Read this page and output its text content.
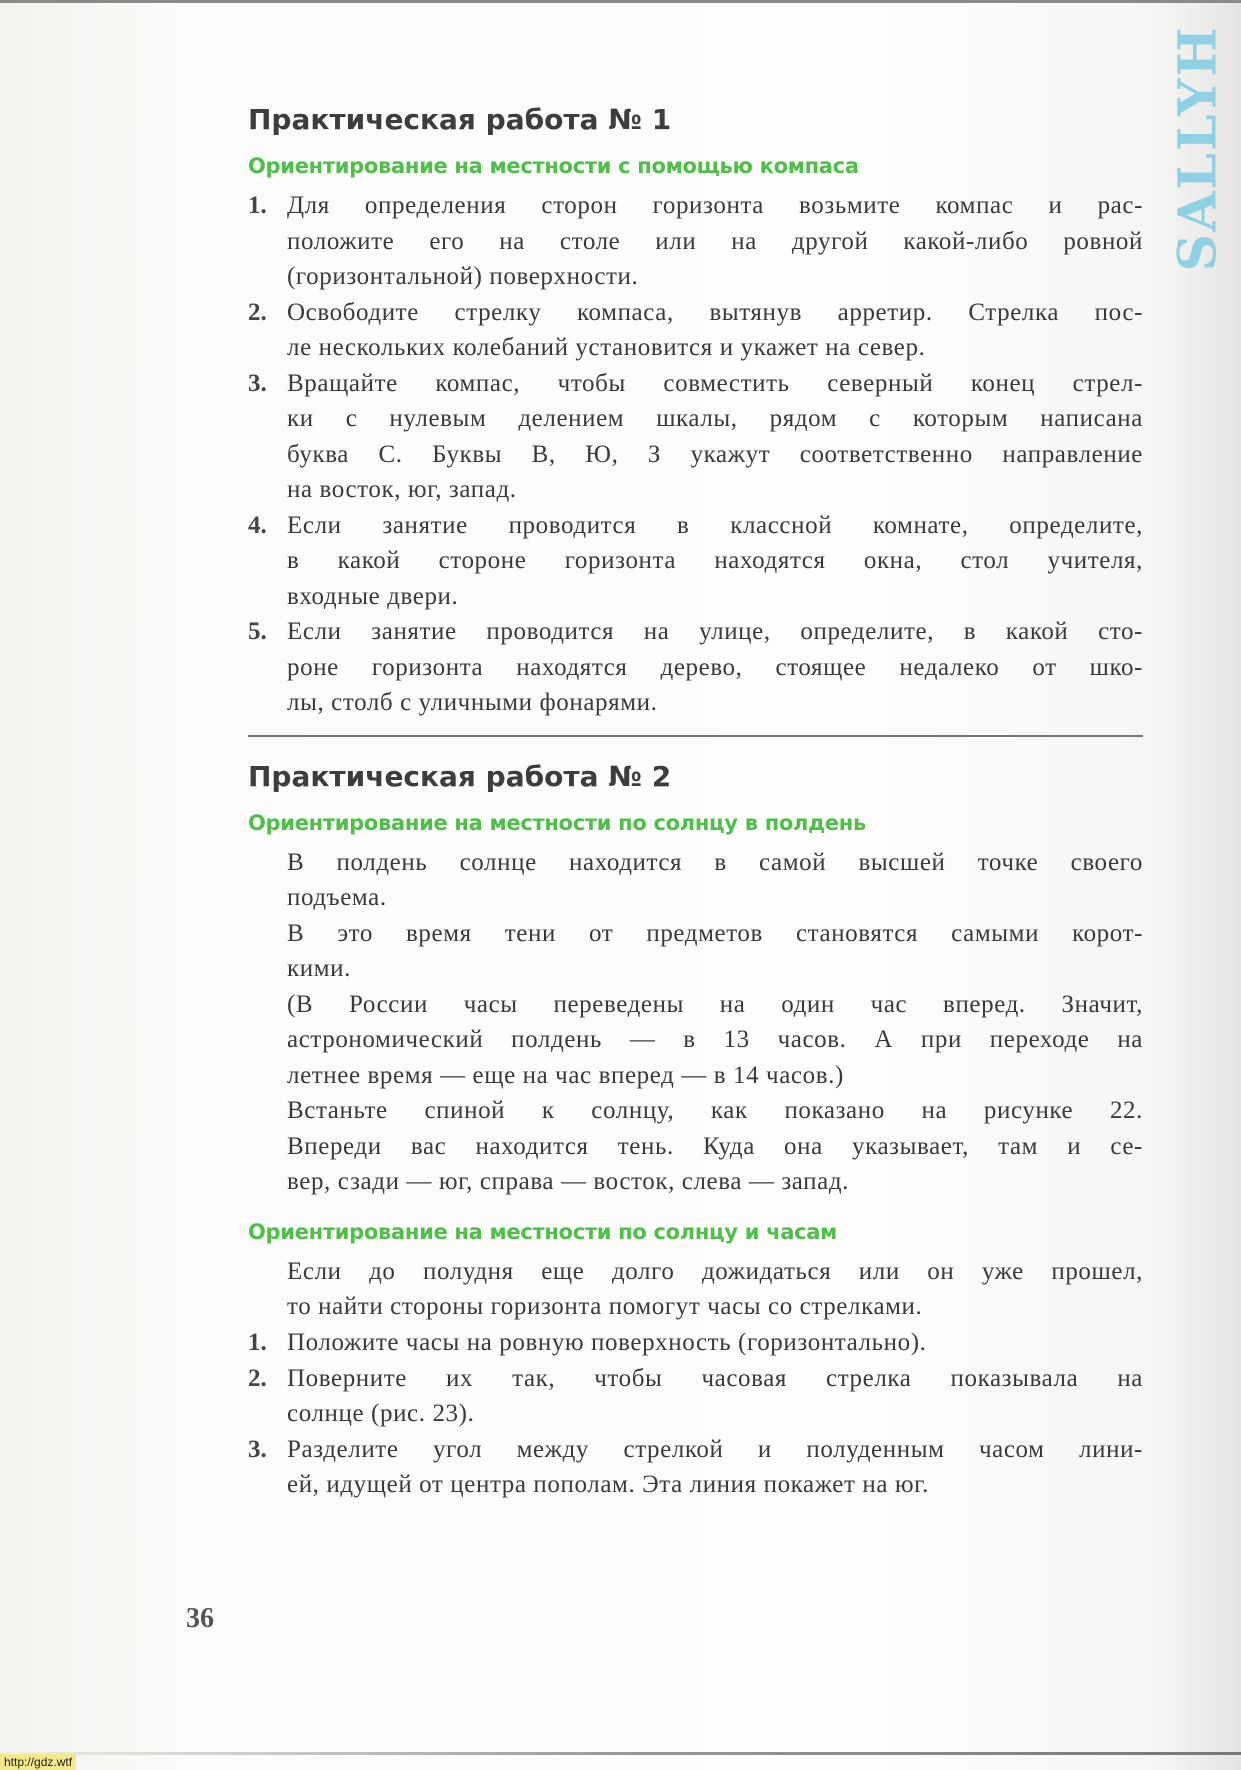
SALLYH
Практическая работа № 1
Ориентирование на местности с помощью компаса
1. Для определения сторон горизонта возьмите компас и рас-
положите его на столе или на другой какой-либо ровной
(горизонтальной) поверхности.
2. Освободите стрелку компаса, вытянув арретир. Стрелка пос-
ле нескольких колебаний установится и укажет на север.
3. Вращайте компас, чтобы совместить северный конец стрел-
ки с нулевым делением шкалы, рядом с которым написана
буква С. Буквы В, Ю, З укажут соответственно направление
на восток, юг, запад.
4. Если занятие проводится в классной комнате, определите,
в какой стороне горизонта находятся окна, стол учителя,
входные двери.
5. Если занятие проводится на улице, определите, в какой сто-
роне горизонта находятся дерево, стоящее недалеко от шко-
лы, столб с уличными фонарями.
Практическая работа № 2
Ориентирование на местности по солнцу в полдень
В полдень солнце находится в самой высшей точке своего
подъема.
В это время тени от предметов становятся самыми корот-
кими.
(В России часы переведены на один час вперед. Значит,
астрономический полдень — в 13 часов. А при переходе на
летнее время — еще на час вперед — в 14 часов.)
Встаньте спиной к солнцу, как показано на рисунке 22.
Впереди вас находится тень. Куда она указывает, там и се-
вер, сзади — юг, справа — восток, слева — запад.
Ориентирование на местности по солнцу и часам
Если до полудня еще долго дожидаться или он уже прошел,
то найти стороны горизонта помогут часы со стрелками.
1. Положите часы на ровную поверхность (горизонтально).
2. Поверните их так, чтобы часовая стрелка показывала на
солнце (рис. 23).
3. Разделите угол между стрелкой и полуденным часом лини-
ей, идущей от центра пополам. Эта линия покажет на юг.
36
http://gdz.wtf
